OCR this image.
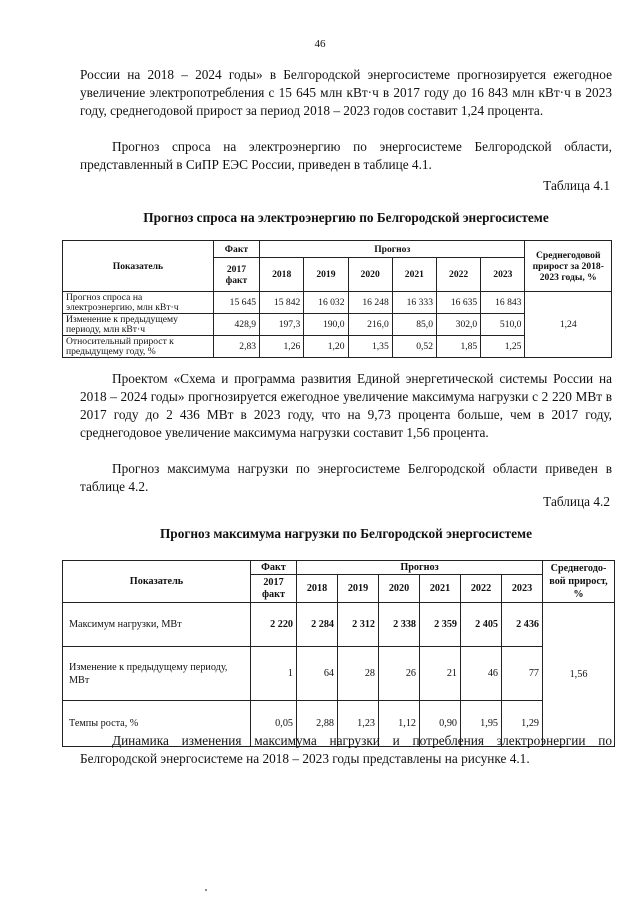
46

России на 2018 – 2024 годы» в Белгородской энергосистеме прогнозируется ежегодное увеличение электропотребления с 15 645 млн кВт·ч в 2017 году до 16 843 млн кВт·ч в 2023 году, среднегодовой прирост за период 2018 – 2023 годов составит 1,24 процента.

Прогноз спроса на электроэнергию по энергосистеме Белгородской области, представленный в СиПР ЕЭС России, приведен в таблице 4.1.

Таблица 4.1
Прогноз спроса на электроэнергию по Белгородской энергосистеме
Показатель	Факт	Прогноз						Среднегодовой прирост за 2018-2023 годы, %
	2017 факт	2018	2019	2020	2021	2022	2023	
Прогноз спроса на электроэнергию, млн кВт·ч	15 645	15 842	16 032	16 248	16 333	16 635	16 843	1,24
Изменение к предыдущему периоду, млн кВт·ч	428,9	197,3	190,0	216,0	85,0	302,0	510,0	
Относительный прирост к предыдущему году, %	2,83	1,26	1,20	1,35	0,52	1,85	1,25	

Проектом «Схема и программа развития Единой энергетической системы России на 2018 – 2024 годы» прогнозируется ежегодное увеличение максимума нагрузки с 2 220 МВт в 2017 году до 2 436 МВт в 2023 году, что на 9,73 процента больше, чем в 2017 году, среднегодовое увеличение максимума нагрузки составит 1,56 процента.

Прогноз максимума нагрузки по энергосистеме Белгородской области приведен в таблице 4.2.

Таблица 4.2
Прогноз максимума нагрузки по Белгородской энергосистеме
Показатель	Факт	Прогноз						Среднегодо-вой прирост, %
	2017 факт	2018	2019	2020	2021	2022	2023	
Максимум нагрузки, МВт	2 220	2 284	2 312	2 338	2 359	2 405	2 436	1,56
Изменение к предыдущему периоду, МВт	1	64	28	26	21	46	77	
Темпы роста, %	0,05	2,88	1,23	1,12	0,90	1,95	1,29	

Динамика изменения максимума нагрузки и потребления электроэнергии по Белгородской энергосистеме на 2018 – 2023 годы представлены на рисунке 4.1.
